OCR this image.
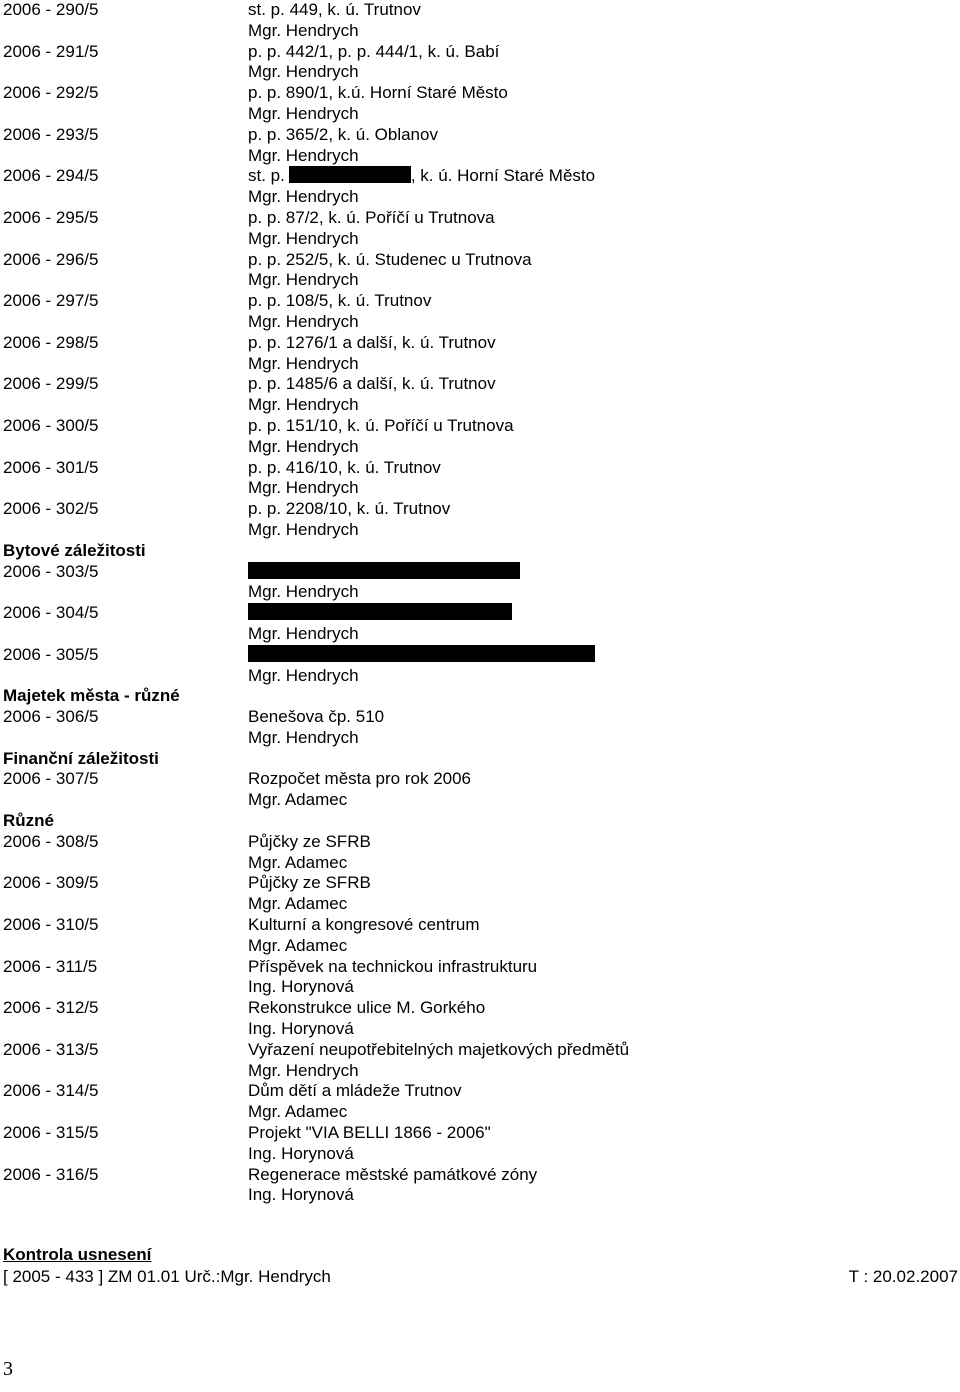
2006 - 290/5	st. p. 449, k. ú. Trutnov
Mgr. Hendrych
2006 - 291/5	p. p. 442/1, p. p. 444/1, k. ú. Babí
Mgr. Hendrych
2006 - 292/5	p. p. 890/1, k.ú. Horní Staré Město
Mgr. Hendrych
2006 - 293/5	p. p. 365/2, k. ú. Oblanov
Mgr. Hendrych
2006 - 294/5	st. p.	, k. ú. Horní Staré Město
Mgr. Hendrych
2006 - 295/5	p. p. 87/2, k. ú. Poříčí u Trutnova
Mgr. Hendrych
2006 - 296/5	p. p. 252/5, k. ú. Studenec u Trutnova
Mgr. Hendrych
2006 - 297/5	p. p. 108/5, k. ú. Trutnov
Mgr. Hendrych
2006 - 298/5	p. p. 1276/1 a další, k. ú. Trutnov
Mgr. Hendrych
2006 - 299/5	p. p. 1485/6 a další, k. ú. Trutnov
Mgr. Hendrych
2006 - 300/5	p. p. 151/10, k. ú. Poříčí u Trutnova
Mgr. Hendrych
2006 - 301/5	p. p. 416/10, k. ú. Trutnov
Mgr. Hendrych
2006 - 302/5	p. p. 2208/10, k. ú. Trutnov
Mgr. Hendrych
Bytové záležitosti
2006 - 303/5
Mgr. Hendrych
2006 - 304/5
Mgr. Hendrych
2006 - 305/5
Mgr. Hendrych
Majetek města - různé
2006 - 306/5	Benešova čp. 510
Mgr. Hendrych
Finanční záležitosti
2006 - 307/5	Rozpočet města pro rok 2006
Mgr. Adamec
Různé
2006 - 308/5	Půjčky ze SFRB
Mgr. Adamec
2006 - 309/5	Půjčky ze SFRB
Mgr. Adamec
2006 - 310/5	Kulturní a kongresové centrum
Mgr. Adamec
2006 - 311/5	Příspěvek na technickou infrastrukturu
Ing. Horynová
2006 - 312/5	Rekonstrukce ulice M. Gorkého
Ing. Horynová
2006 - 313/5	Vyřazení neupotřebitelných majetkových předmětů
Mgr. Hendrych
2006 - 314/5	Dům dětí a mládeže Trutnov
Mgr. Adamec
2006 - 315/5	Projekt "VIA BELLI 1866 - 2006"
Ing. Horynová
2006 - 316/5	Regenerace městské památkové zóny
Ing. Horynová
Kontrola usnesení
[ 2005 - 433 ] ZM 01.01 Urč.:Mgr. Hendrych	T : 20.02.2007
3
